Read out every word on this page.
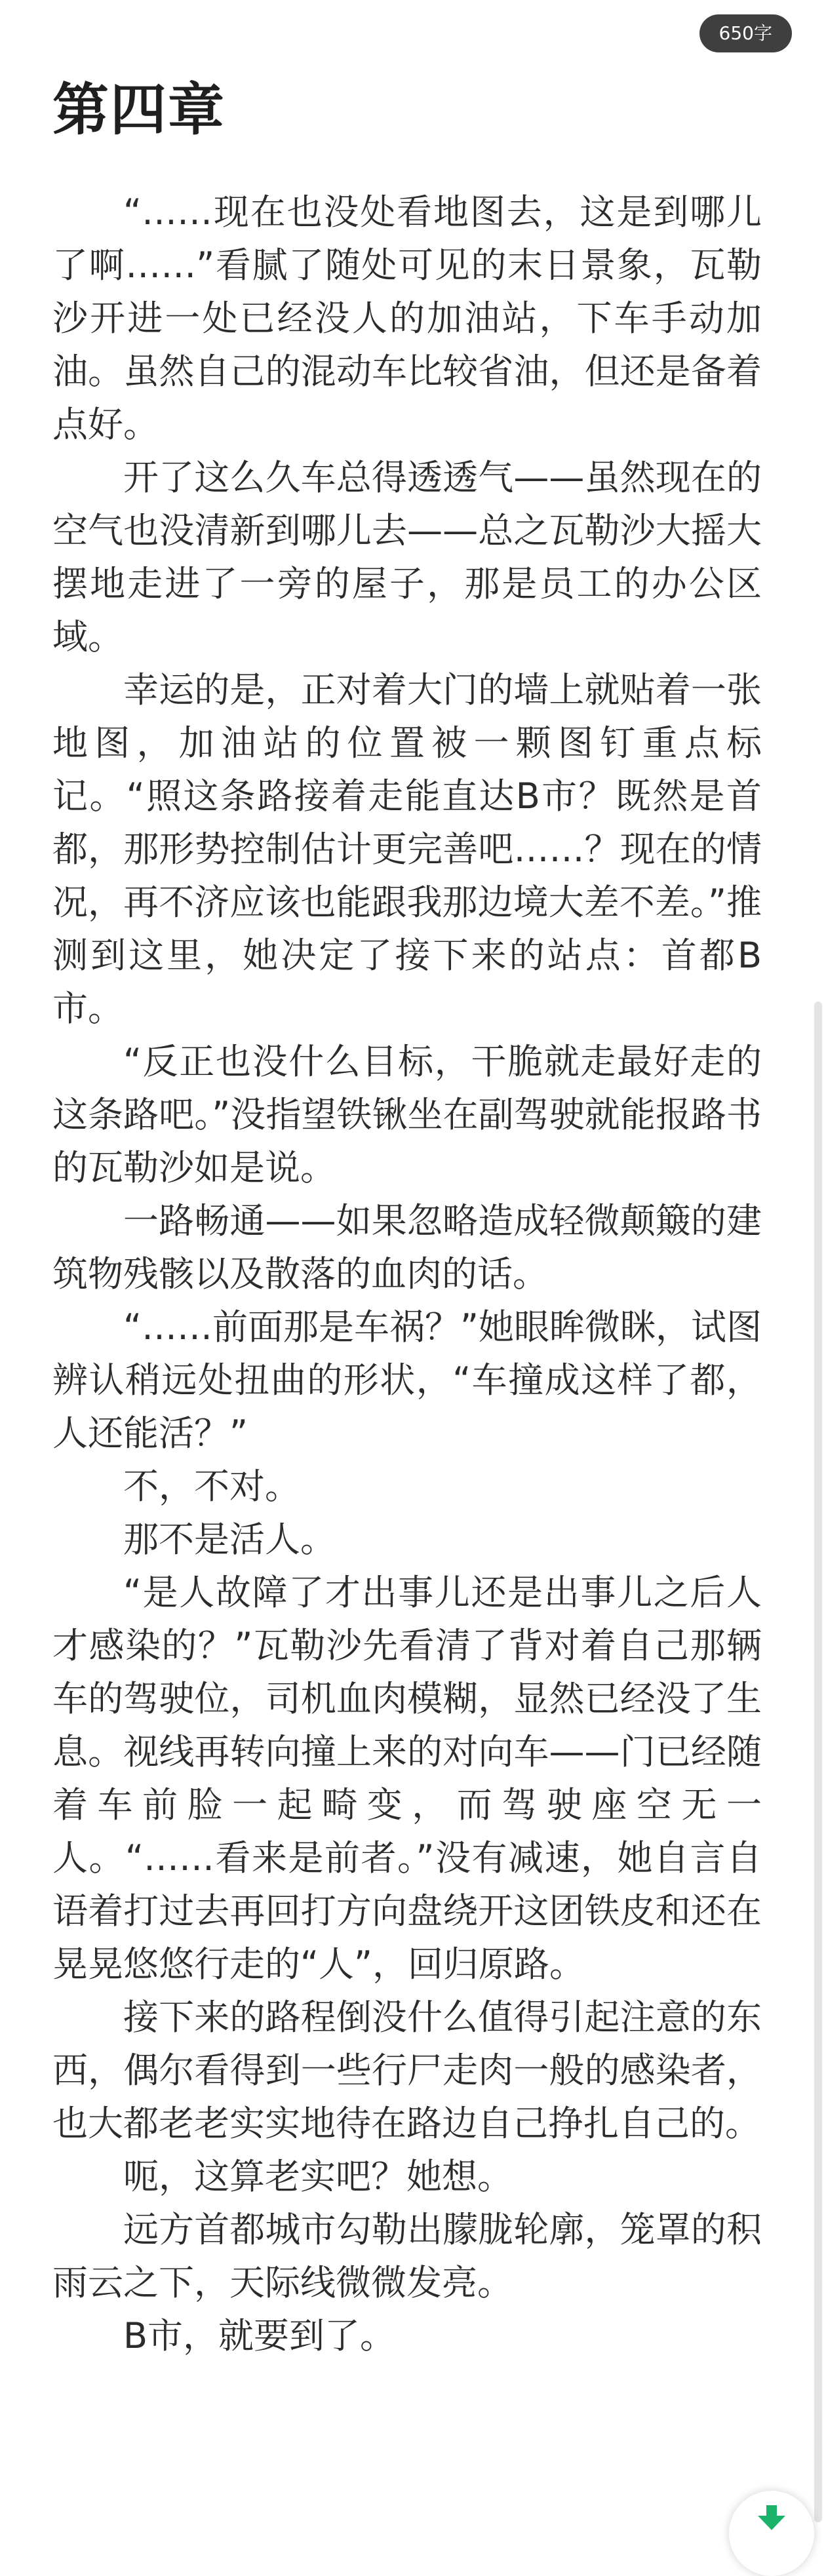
650字
第四章

“……现在也没处看地图去，这是到哪儿了啊……”看腻了随处可见的末日景象，瓦勒沙开进一处已经没人的加油站，下车手动加油。虽然自己的混动车比较省油，但还是备着点好。

开了这么久车总得透透气——虽然现在的空气也没清新到哪儿去——总之瓦勒沙大摇大摆地走进了一旁的屋子，那是员工的办公区域。

幸运的是，正对着大门的墙上就贴着一张地图，加油站的位置被一颗图钉重点标记。“照这条路接着走能直达B市？既然是首都，那形势控制估计更完善吧……？现在的情况，再不济应该也能跟我那边境大差不差。”推测到这里，她决定了接下来的站点：首都B市。

“反正也没什么目标，干脆就走最好走的这条路吧。”没指望铁锹坐在副驾驶就能报路书的瓦勒沙如是说。

一路畅通——如果忽略造成轻微颠簸的建筑物残骸以及散落的血肉的话。

“……前面那是车祸？”她眼眸微眯，试图辨认稍远处扭曲的形状，“车撞成这样了都，人还能活？”

不，不对。

那不是活人。

“是人故障了才出事儿还是出事儿之后人才感染的？”瓦勒沙先看清了背对着自己那辆车的驾驶位，司机血肉模糊，显然已经没了生息。视线再转向撞上来的对向车——门已经随着车前脸一起畸变，而驾驶座空无一人。“……看来是前者。”没有减速，她自言自语着打过去再回打方向盘绕开这团铁皮和还在晃晃悠悠行走的“人”，回归原路。

接下来的路程倒没什么值得引起注意的东西，偶尔看得到一些行尸走肉一般的感染者，也大都老老实实地待在路边自己挣扎自己的。

呃，这算老实吧？她想。

远方首都城市勾勒出朦胧轮廓，笼罩的积雨云之下，天际线微微发亮。

B市，就要到了。
